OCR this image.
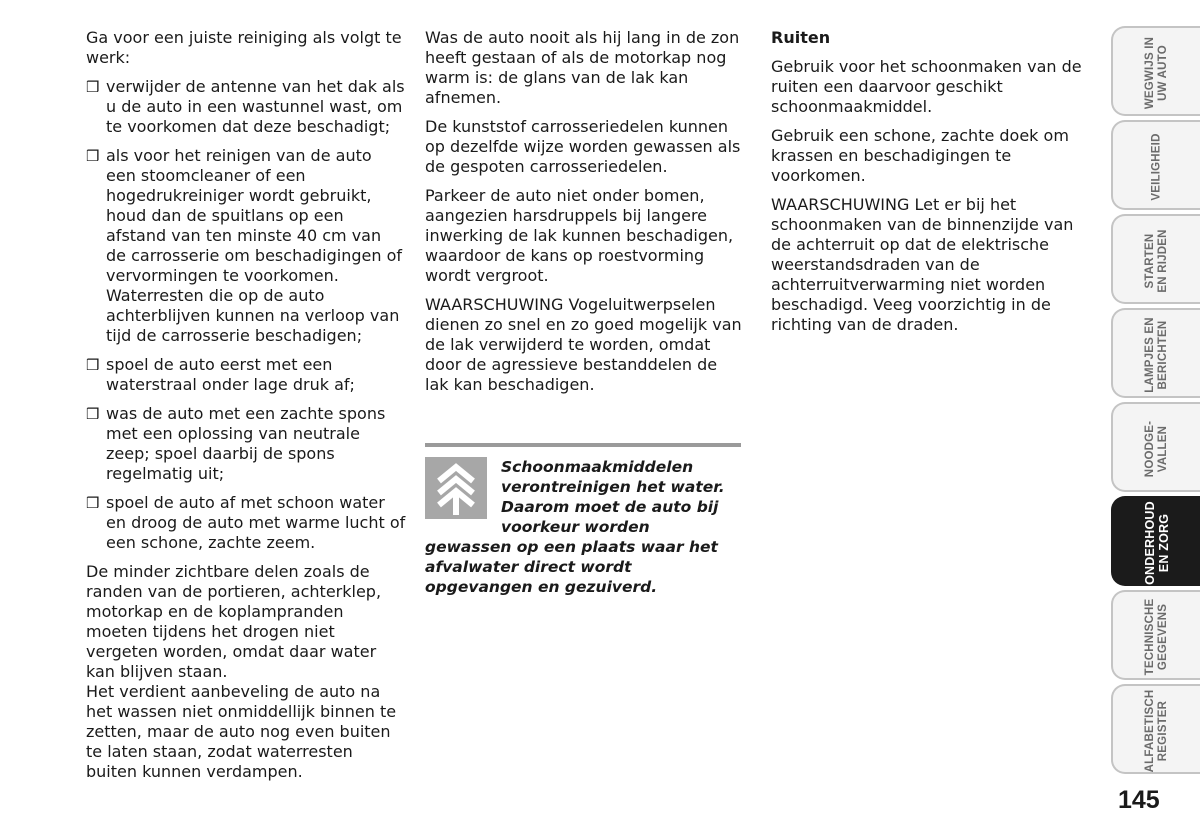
Ga voor een juiste reiniging als volgt te werk:

❒ verwijder de antenne van het dak als u de auto in een wastunnel wast, om te voorkomen dat deze beschadigt;
❒ als voor het reinigen van de auto een stoomcleaner of een hogedrukreiniger wordt gebruikt, houd dan de spuitlans op een afstand van ten minste 40 cm van de carrosserie om beschadigingen of vervormingen te voorkomen. Waterresten die op de auto achterblijven kunnen na verloop van tijd de carrosserie beschadigen;
❒ spoel de auto eerst met een waterstraal onder lage druk af;
❒ was de auto met een zachte spons met een oplossing van neutrale zeep; spoel daarbij de spons regelmatig uit;
❒ spoel de auto af met schoon water en droog de auto met warme lucht of een schone, zachte zeem.

De minder zichtbare delen zoals de randen van de portieren, achterklep, motorkap en de koplampranden moeten tijdens het drogen niet vergeten worden, omdat daar water kan blijven staan.

Het verdient aanbeveling de auto na het wassen niet onmiddellijk binnen te zetten, maar de auto nog even buiten te laten staan, zodat waterresten buiten kunnen verdampen.

Was de auto nooit als hij lang in de zon heeft gestaan of als de motorkap nog warm is: de glans van de lak kan afnemen.

De kunststof carrosseriedelen kunnen op dezelfde wijze worden gewassen als de gespoten carrosseriedelen.

Parkeer de auto niet onder bomen, aangezien harsdruppels bij langere inwerking de lak kunnen beschadigen, waardoor de kans op roestvorming wordt vergroot.

WAARSCHUWING Vogeluitwerpselen dienen zo snel en zo goed mogelijk van de lak verwijderd te worden, omdat door de agressieve bestanddelen de lak kan beschadigen.

Schoonmaakmiddelen verontreinigen het water. Daarom moet de auto bij voorkeur worden gewassen op een plaats waar het afvalwater direct wordt opgevangen en gezuiverd.

Ruiten

Gebruik voor het schoonmaken van de ruiten een daarvoor geschikt schoonmaakmiddel.

Gebruik een schone, zachte doek om krassen en beschadigingen te voorkomen.

WAARSCHUWING Let er bij het schoonmaken van de binnenzijde van de achterruit op dat de elektrische weerstandsdraden van de achterruitverwarming niet worden beschadigd. Veeg voorzichtig in de richting van de draden.

WEGWIJS IN
UW AUTO
VEILIGHEID
STARTEN
EN RIJDEN
LAMPJES EN
BERICHTEN
NOODGE-
VALLEN
ONDERHOUD
EN ZORG
TECHNISCHE
GEGEVENS
ALFABETISCH
REGISTER
145
